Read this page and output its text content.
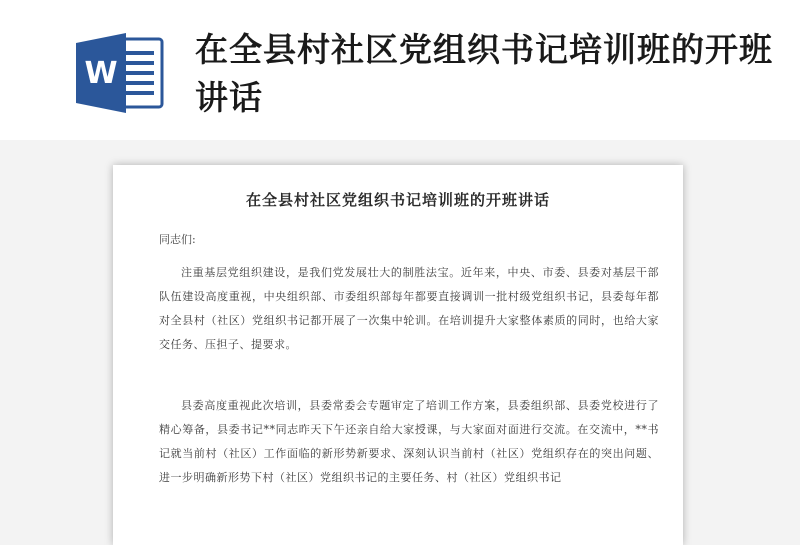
W
在全县村社区党组织书记培训班的开班讲话
在全县村社区党组织书记培训班的开班讲话
同志们:
注重基层党组织建设，是我们党发展壮大的制胜法宝。近年来，中央、市委、县委对基层干部队伍建设高度重视，中央组织部、市委组织部每年都要直接调训一批村级党组织书记，县委每年都对全县村（社区）党组织书记都开展了一次集中轮训。在培训提升大家整体素质的同时，也给大家交任务、压担子、提要求。
县委高度重视此次培训，县委常委会专题审定了培训工作方案，县委组织部、县委党校进行了精心筹备，县委书记**同志昨天下午还亲自给大家授课，与大家面对面进行交流。在交流中，**书记就当前村（社区）工作面临的新形势新要求、深刻认识当前村（社区）党组织存在的突出问题、进一步明确新形势下村（社区）党组织书记的主要任务、村（社区）党组织书记
